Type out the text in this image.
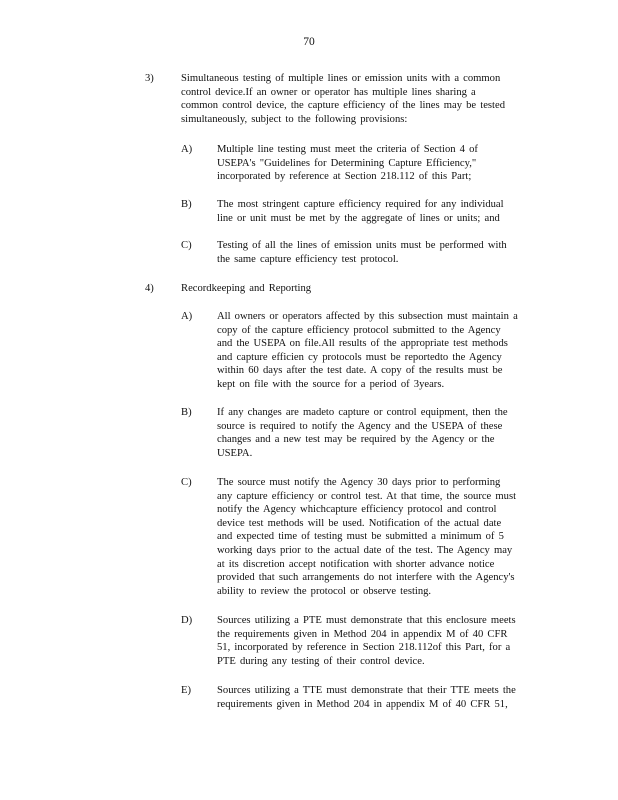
70
3)	Simultaneous testing of multiple lines or emission units with a common
control device.If an owner or operator has multiple lines sharing a
common control device, the capture efficiency of the lines may be tested
simultaneously, subject to the following provisions:
A) Multiple line testing must meet the criteria of Section 4 of
USEPA's "Guidelines for Determining Capture Efficiency,"
incorporated by reference at Section 218.112 of this Part;
B) The most stringent capture efficiency required for any individual
line or unit must be met by the aggregate of lines or units; and
C) Testing of all the lines of emission units must be performed with
the same capture efficiency test protocol.
4)	Recordkeeping and Reporting
A) All owners or operators affected by this subsection must maintain a
copy of the capture efficiency protocol submitted to the Agency
and the USEPA on file.All results of the appropriate test methods
and capture efficien cy protocols must be reportedto the Agency
within 60 days after the test date. A copy of the results must be
kept on file with the source for a period of 3years.
B) If any changes are madeto capture or control equipment, then the
source is required to notify the Agency and the USEPA of these
changes and a new test may be required by the Agency or the
USEPA.
C) The source must notify the Agency 30 days prior to performing
any capture efficiency or control test. At that time, the source must
notify the Agency whichcapture efficiency protocol and control
device test methods will be used. Notification of the actual date
and expected time of testing must be submitted a minimum of 5
working days prior to the actual date of the test. The Agency may
at its discretion accept notification with shorter advance notice
provided that such arrangements do not interfere with the Agency's
ability to review the protocol or observe testing.
D) Sources utilizing a PTE must demonstrate that this enclosure meets
the requirements given in Method 204 in appendix M of 40 CFR
51, incorporated by reference in Section 218.112of this Part, for a
PTE during any testing of their control device.
E) Sources utilizing a TTE must demonstrate that their TTE meets the
requirements given in Method 204 in appendix M of 40 CFR 51,
